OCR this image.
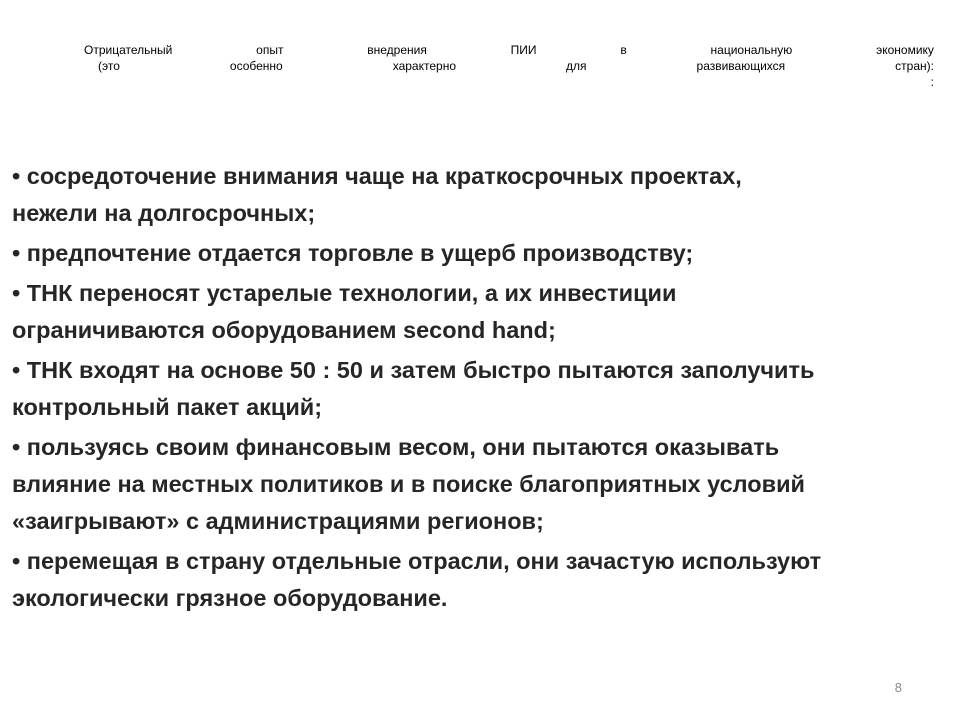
Отрицательный	опыт	внедрения	ПИИ	в	национальную	экономику
(это	особенно	характерно	для	развивающихся	стран):
:
• сосредоточение внимания чаще на краткосрочных проектах,
нежели на долгосрочных;
• предпочтение отдается торговле в ущерб производству;
• ТНК переносят устарелые технологии, а их инвестиции
ограничиваются оборудованием second hand;
• ТНК входят на основе 50 : 50 и затем быстро пытаются заполучить
контрольный пакет акций;
• пользуясь своим финансовым весом, они пытаются оказывать
влияние на местных политиков и в поиске благоприятных условий
«заигрывают» с администрациями регионов;
• перемещая в страну отдельные отрасли, они зачастую используют
экологически грязное оборудование.
8
